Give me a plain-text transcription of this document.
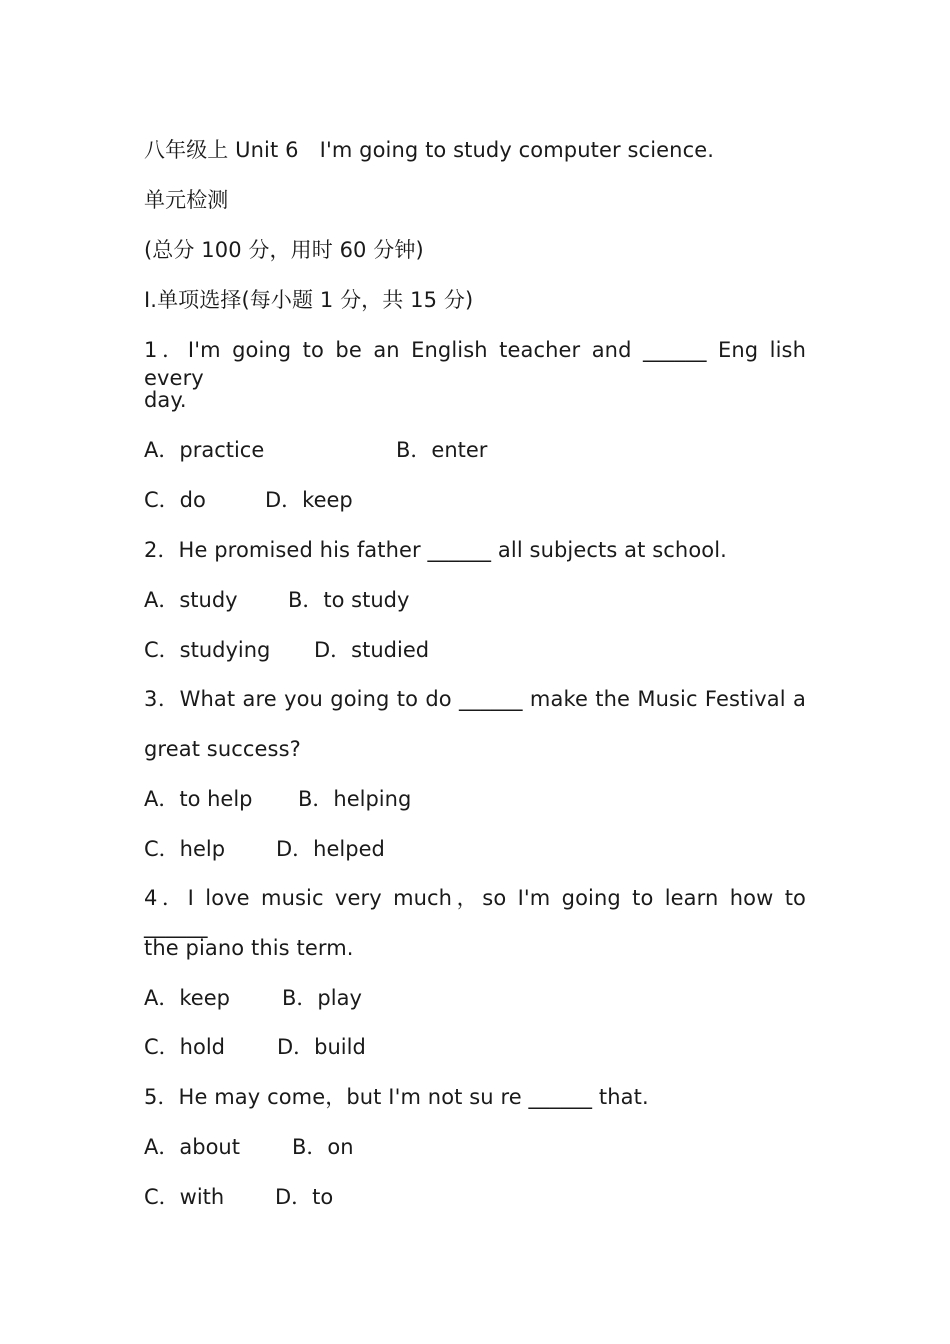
八年级上 Unit 6　I'm going to study computer science.
单元检测
(总分 100 分，用时 60 分钟)
Ⅰ.单项选择(每小题 1 分，共 15 分)
1．I'm going to be an English teacher and ______ Eng lish every
day.
A．practice	B．enter
C．do	D．keep
2．He promised his father ______ all subjects at school.
A．study B．to study
C．studying D．studied
3．What are you going to do ______ make the Music Festival a
great success?
A．to help B．helping
C．help D．helped
4．I love music very much，so I'm going to learn how to ______
the piano this term.
A．keep B．play
C．hold D．build
5．He may come，but I'm not su re ______ that.
A．about B．on
C．with D．to
